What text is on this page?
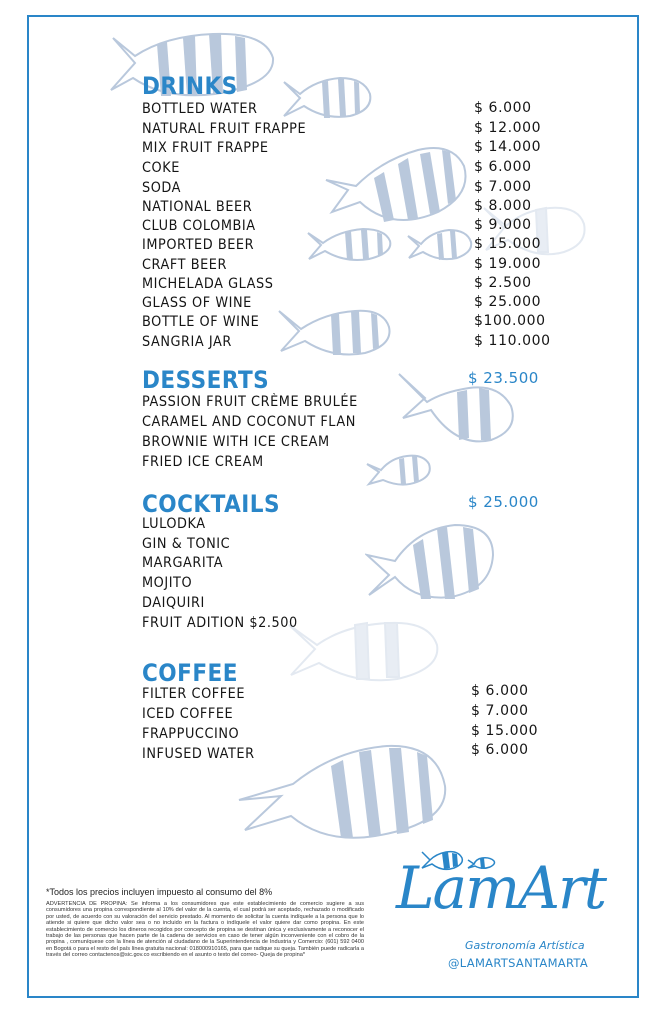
DRINKS
BOTTLED WATER	$ 6.000
NATURAL FRUIT FRAPPE	$ 12.000
MIX FRUIT FRAPPE	$ 14.000
COKE	$ 6.000
SODA	$ 7.000
NATIONAL BEER	$ 8.000
CLUB COLOMBIA	$ 9.000
IMPORTED BEER	$ 15.000
CRAFT BEER	$ 19.000
MICHELADA GLASS	$ 2.500
GLASS OF WINE	$ 25.000
BOTTLE OF WINE	$100.000
SANGRIA JAR	$ 110.000
DESSERTS	$ 23.500
PASSION FRUIT CRÈME BRULÉE
CARAMEL AND COCONUT FLAN
BROWNIE WITH ICE CREAM
FRIED ICE CREAM
COCKTAILS	$ 25.000
LULODKA
GIN & TONIC
MARGARITA
MOJITO
DAIQUIRI
FRUIT ADITION $2.500
COFFEE
FILTER COFFEE	$ 6.000
ICED COFFEE	$ 7.000
FRAPPUCCINO	$ 15.000
INFUSED WATER	$ 6.000
*Todos los precios incluyen impuesto al consumo del 8%
ADVERTENCIA DE PROPINA: Se informa a los consumidores que este establecimiento de comercio sugiere a sus consumidores una propina correspondiente al 10% del valor de la cuenta, el cual podrá ser aceptado, rechazado o modificado por usted, de acuerdo con su valoración del servicio prestado. Al momento de solicitar la cuenta indíquele a la persona que lo atiende si quiere que dicho valor sea o no incluido en la factura o indíquele el valor quiere dar como propina. En este establecimiento de comercio los dineros recogidos por concepto de propina se destinan única y exclusivamente a reconocer el trabajo de las personas que hacen parte de la cadena de servicios en caso de tener algún inconveniente con el cobro de la propina , comuníquese con la línea de atención al ciudadano de la Superintendencia de Industria y Comercio: (601) 592 0400 en Bogotá o para el resto del país línea gratuita nacional: 018000910165, para que radique su queja. También puede radicarla a través del correo contactenos@sic.gov.co escribiendo en el asunto o texto del correo- Queja de propina*
LamArt
Gastronomía Artística
@LAMARTSANTAMARTA
